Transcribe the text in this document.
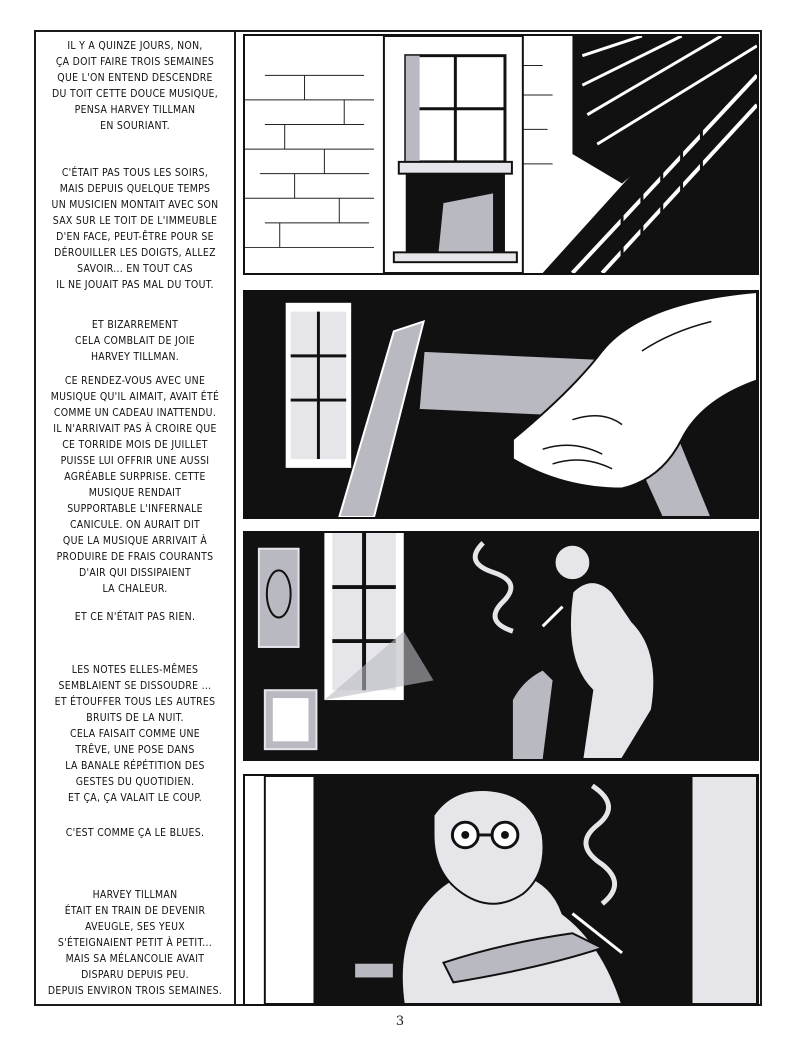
IL Y A QUINZE JOURS, NON,
ÇA DOIT FAIRE TROIS SEMAINES
QUE L'ON ENTEND DESCENDRE
DU TOIT CETTE DOUCE MUSIQUE,
PENSA HARVEY TILLMAN
EN SOURIANT.
C'ÉTAIT PAS TOUS LES SOIRS,
MAIS DEPUIS QUELQUE TEMPS
UN MUSICIEN MONTAIT AVEC SON
SAX SUR LE TOIT DE L'IMMEUBLE
D'EN FACE, PEUT-ÊTRE POUR SE
DÉROUILLER LES DOIGTS, ALLEZ
SAVOIR... EN TOUT CAS
IL NE JOUAIT PAS MAL DU TOUT.
ET BIZARREMENT
CELA COMBLAIT DE JOIE
HARVEY TILLMAN.
CE RENDEZ-VOUS AVEC UNE
MUSIQUE QU'IL AIMAIT, AVAIT ÉTÉ
COMME UN CADEAU INATTENDU.
IL N'ARRIVAIT PAS À CROIRE QUE
CE TORRIDE MOIS DE JUILLET
PUISSE LUI OFFRIR UNE AUSSI
AGRÉABLE SURPRISE. CETTE
MUSIQUE RENDAIT
SUPPORTABLE L'INFERNALE
CANICULE. ON AURAIT DIT
QUE LA MUSIQUE ARRIVAIT À
PRODUIRE DE FRAIS COURANTS
D'AIR QUI DISSIPAIENT
LA CHALEUR.
ET CE N'ÉTAIT PAS RIEN.
LES NOTES ELLES-MÊMES
SEMBLAIENT SE DISSOUDRE ...
ET ÉTOUFFER TOUS LES AUTRES
BRUITS DE LA NUIT.
CELA FAISAIT COMME UNE
TRÊVE, UNE POSE DANS
LA BANALE RÉPÉTITION DES
GESTES DU QUOTIDIEN.
ET ÇA, ÇA VALAIT LE COUP.
C'EST COMME ÇA LE BLUES.
HARVEY TILLMAN
ÉTAIT EN TRAIN DE DEVENIR
AVEUGLE, SES YEUX
S'ÉTEIGNAIENT PETIT À PETIT...
MAIS SA MÉLANCOLIE AVAIT
DISPARU DEPUIS PEU.
DEPUIS ENVIRON TROIS SEMAINES.
3
